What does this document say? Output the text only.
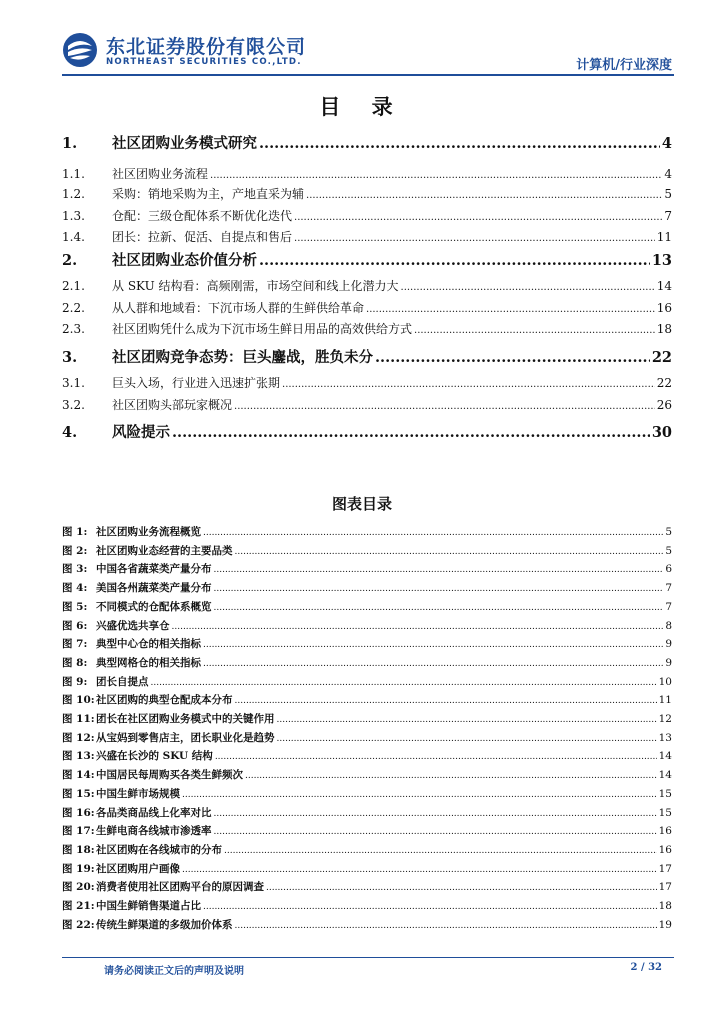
东北证券股份有限公司
NORTHEAST SECURITIES CO.,LTD.	计算机/行业深度
目 录
1.	社区团购业务模式研究 .....	4
1.1.	社区团购业务流程 .....	4
1.2.	采购：销地采购为主，产地直采为辅 .....	5
1.3.	仓配：三级仓配体系不断优化迭代 .....	7
1.4.	团长：拉新、促活、自提点和售后 .....	11
2.	社区团购业态价值分析 .....	13
2.1.	从 SKU 结构看：高频刚需，市场空间和线上化潜力大 .....	14
2.2.	从人群和地域看：下沉市场人群的生鲜供给革命 .....	16
2.3.	社区团购凭什么成为下沉市场生鲜日用品的高效供给方式 .....	18
3.	社区团购竞争态势：巨头鏖战，胜负未分 .....	22
3.1.	巨头入场，行业进入迅速扩张期 .....	22
3.2.	社区团购头部玩家概况 .....	26
4.	风险提示 .....	30
图表目录
图 1: 社区团购业务流程概览 .....	5
图 2: 社区团购业态经营的主要品类 .....	5
图 3: 中国各省蔬菜类产量分布 .....	6
图 4: 美国各州蔬菜类产量分布 .....	7
图 5: 不同模式的仓配体系概览 .....	7
图 6: 兴盛优选共享仓 .....	8
图 7: 典型中心仓的相关指标 .....	9
图 8: 典型网格仓的相关指标 .....	9
图 9: 团长自提点 .....	10
图 10: 社区团购的典型仓配成本分布 .....	11
图 11: 团长在社区团购业务模式中的关键作用 .....	12
图 12: 从宝妈到零售店主，团长职业化是趋势 .....	13
图 13: 兴盛在长沙的 SKU 结构 .....	14
图 14: 中国居民每周购买各类生鲜频次 .....	14
图 15: 中国生鲜市场规模 .....	15
图 16: 各品类商品线上化率对比 .....	15
图 17: 生鲜电商各线城市渗透率 .....	16
图 18: 社区团购在各线城市的分布 .....	16
图 19: 社区团购用户画像 .....	17
图 20: 消费者使用社区团购平台的原因调查 .....	17
图 21: 中国生鲜销售渠道占比 .....	18
图 22: 传统生鲜渠道的多级加价体系 .....	19
请务必阅读正文后的声明及说明	2 / 32
